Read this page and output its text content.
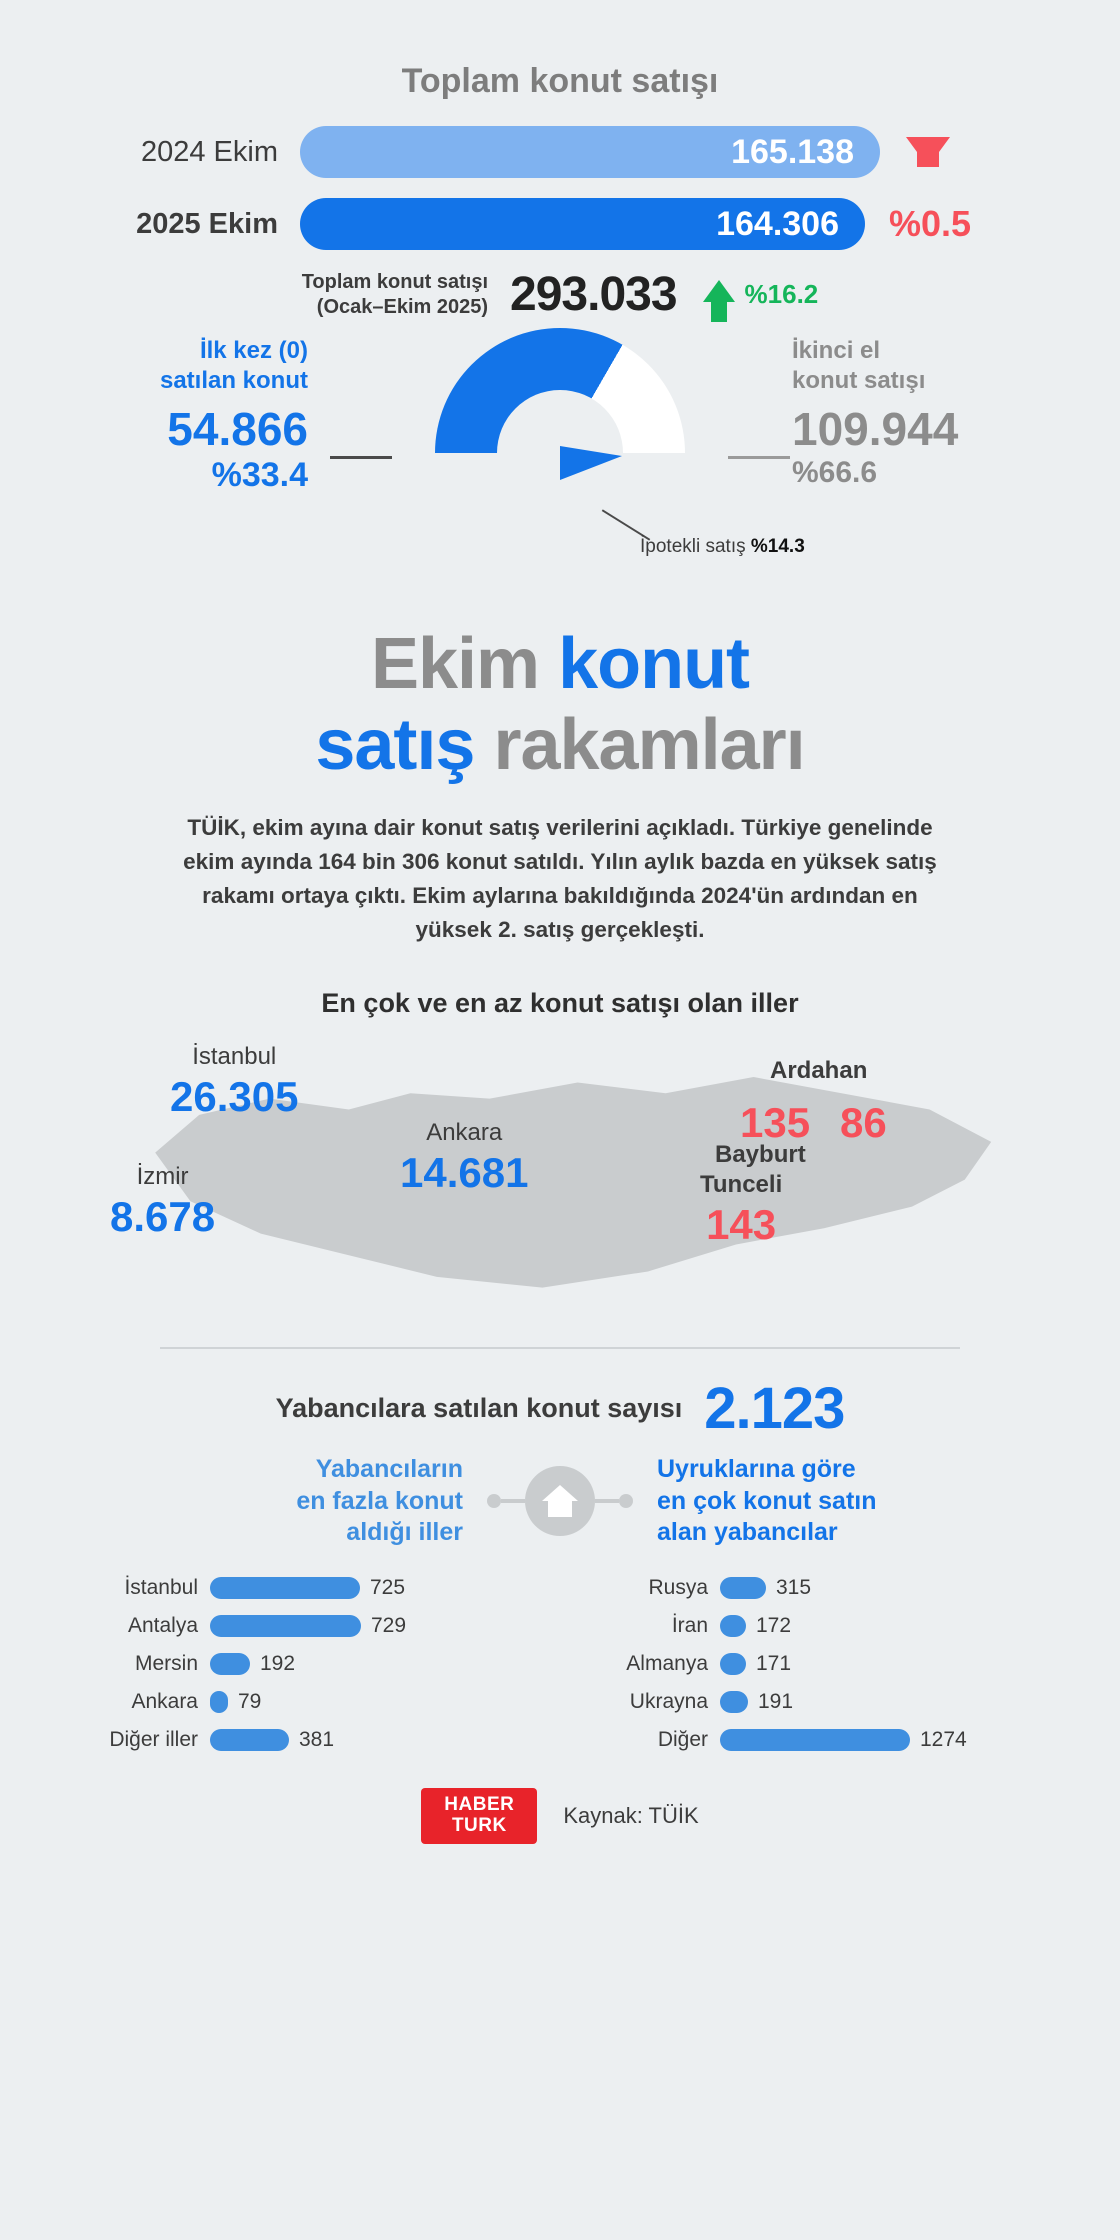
Toplam konut satışı
2024 Ekim	165.138
2025 Ekim	164.306	%0.5
Toplam konut satışı
(Ocak–Ekim 2025) 293.033	%16.2
İlk kez (0)
satılan konut
54.866
%33.4
İkinci el
konut satışı
109.944
%66.6
İpotekli satış %14.3
Ekim konut
satış rakamları
TÜİK, ekim ayına dair konut satış verilerini açıkladı. Türkiye genelinde ekim ayında 164 bin 306 konut satıldı. Yılın aylık bazda en yüksek satış rakamı ortaya çıktı. Ekim aylarına bakıldığında 2024'ün ardından en yüksek 2. satış gerçekleşti.
En çok ve en az konut satışı olan iller
İstanbul
26.305
Ankara
14.681
İzmir
8.678
Ardahan
135 86
Bayburt
Tunceli
143
Yabancılara satılan konut sayısı 2.123
Yabancıların
en fazla konut
aldığı iller
Uyruklarına göre
en çok konut satın
alan yabancılar
İstanbul	725
Antalya	729
Mersin	192
Ankara	79
Diğer iller	381
Rusya	315
İran	172
Almanya	171
Ukrayna	191
Diğer	1274
HABER
TURK	Kaynak: TÜİK
